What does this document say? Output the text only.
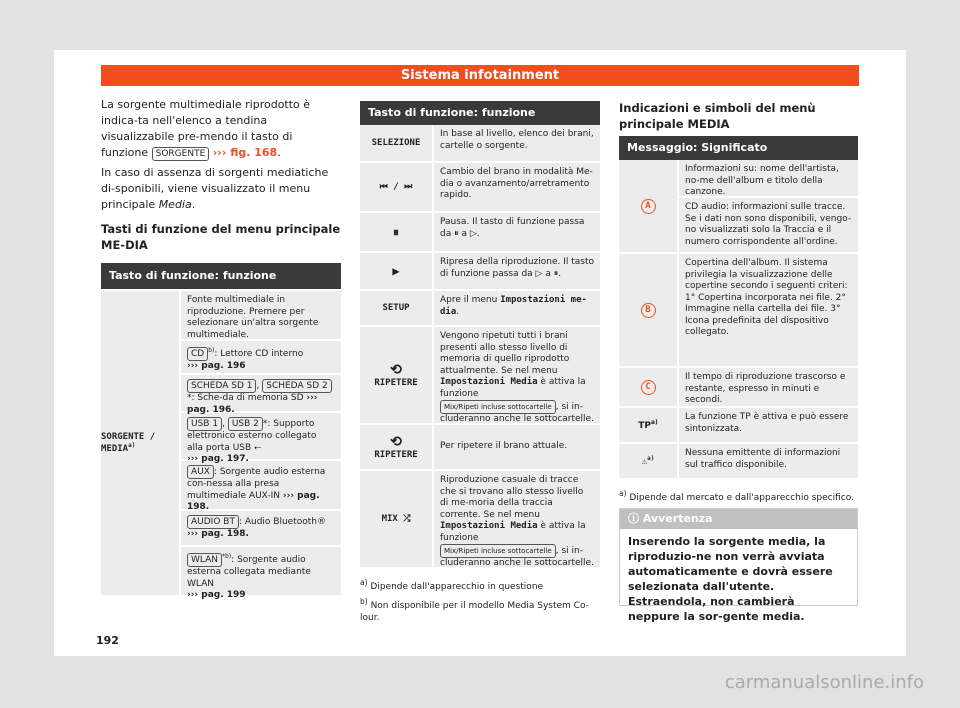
Sistema infotainment
La sorgente multimediale riprodotto è indica-ta nell'elenco a tendina visualizzabile pre-mendo il tasto di funzione SORGENTE ››› fig. 168.
In caso di assenza di sorgenti mediatiche di-sponibili, viene visualizzato il menu principale Media.
Tasti di funzione del menu principale ME-DIA
Tasto di funzione: funzione
SORGENTE / MEDIA$^{a)}$
Fonte multimediale in riproduzione. Premere per selezionare un'altra sorgente multimediale.
CD $^{b)}$: Lettore CD interno
››› pag. 196
SCHEDA SD 1 , SCHEDA SD 2*: Sche-da di memoria SD ››› pag. 196.
USB 1 , USB 2 *: Supporto elettronico esterno collegato alla porta USB ⭠
››› pag. 197.
AUX : Sorgente audio esterna con-nessa alla presa multimediale AUX-IN ››› pag. 198.
AUDIO BT : Audio Bluetooth®
››› pag. 198.
WLAN $^{*b)}$: Sorgente audio esterna collegata mediante WLAN
››› pag. 199
Tasto di funzione: funzione
SELEZIONE
In base al livello, elenco dei brani, cartelle o sorgente.
⏮ / ⏭
Cambio del brano in modalità Me-dia o avanzamento/arretramento rapido.
⏸
Pausa. Il tasto di funzione passa da ⏸ a ▷.
▶
Ripresa della riproduzione. Il tasto di funzione passa da ▷ a ⏸.
SETUP
Apre il menu Impostazioni me-dia.
⟲
RIPETERE
Vengono ripetuti tutti i brani presenti allo stesso livello di memoria di quello riprodotto attualmente. Se nel menu Impostazioni Media è attiva la funzione Mix/Ripeti incluse sottocartelle , si in-cluderanno anche le sottocartelle.
⟲
RIPETERE
Per ripetere il brano attuale.
MIX ⤮
Riproduzione casuale di tracce che si trovano allo stesso livello di me-moria della traccia corrente. Se nel menu Impostazioni Media è attiva la funzione Mix/Ripeti incluse sottocartelle , si in-cluderanno anche le sottocartelle.
$^{a)}$ Dipende dall'apparecchio in questione
$^{b)}$ Non disponibile per il modello Media System Co-lour.
Indicazioni e simboli del menù principale MEDIA
Messaggio: Significato
A
Informazioni su: nome dell'artista, no-me dell'album e titolo della canzone.
CD audio: informazioni sulle tracce. Se i dati non sono disponibili, vengo-no visualizzati solo la Traccia e il numero corrispondente all'ordine.
B
Copertina dell'album. Il sistema privilegia la visualizzazione delle copertine secondo i seguenti criteri: 1° Copertina incorporata nei file. 2° Immagine nella cartella dei file. 3° Icona predefinita del dispositivo collegato.
C
Il tempo di riproduzione trascorso e restante, espresso in minuti e secondi.
TP$^{a)}$
La funzione TP è attiva e può essere sintonizzata.
⚠$^{a)}$
Nessuna emittente di informazioni sul traffico disponibile.
$^{a)}$ Dipende dal mercato e dall'apparecchio specifico.
ⓘ Avvertenza
Inserendo la sorgente media, la riproduzio-ne non verrà avviata automaticamente e dovrà essere selezionata dall'utente. Estraendola, non cambierà neppure la sor-gente media.
192
carmanualsonline.info
